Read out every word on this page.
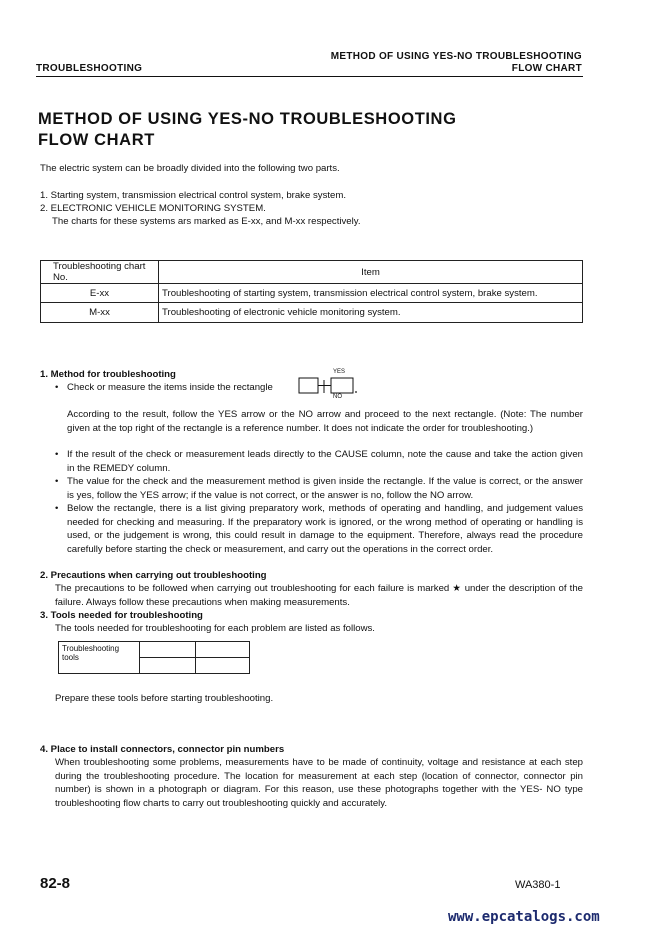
TROUBLESHOOTING
METHOD OF USING YES-NO TROUBLESHOOTING
FLOW CHART
METHOD OF USING YES-NO TROUBLESHOOTING
FLOW CHART
The electric system can be broadly divided into the following two parts.
1. Starting system, transmission electrical control system, brake system.
2. ELECTRONIC VEHICLE MONITORING SYSTEM.
The charts for these systems ars marked as E-xx, and M-xx respectively.
Troubleshooting chart No.	Item
E-xx	Troubleshooting of starting system, transmission electrical control system, brake system.
M-xx	Troubleshooting of electronic vehicle monitoring system.
1. Method for troubleshooting
• Check or measure the items inside the rectangle
YES
NO
According to the result, follow the YES arrow or the NO arrow and proceed to the next rectangle. (Note: The number given at the top right of the rectangle is a reference number. It does not indicate the order for troubleshooting.)
• If the result of the check or measurement leads directly to the CAUSE column, note the cause and take the action given in the REMEDY column.
• The value for the check and the measurement method is given inside the rectangle. If the value is correct, or the answer is yes, follow the YES arrow; if the value is not correct, or the answer is no, follow the NO arrow.
• Below the rectangle, there is a list giving preparatory work, methods of operating and handling, and judgement values needed for checking and measuring. If the preparatory work is ignored, or the wrong method of operating or handling is used, or the judgement is wrong, this could result in damage to the equipment. Therefore, always read the procedure carefully before starting the check or measurement, and carry out the operations in the correct order.
2. Precautions when carrying out troubleshooting
The precautions to be followed when carrying out troubleshooting for each failure is marked ★ under the description of the failure. Always follow these precautions when making measurements.
3. Tools needed for troubleshooting
The tools needed for troubleshooting for each problem are listed as follows.
Troubleshooting tools		

Prepare these tools before starting troubleshooting.
4. Place to install connectors, connector pin numbers
When troubleshooting some problems, measurements have to be made of continuity, voltage and resistance at each step during the troubleshooting procedure. The location for measurement at each step (location of connector, connector pin number) is shown in a photograph or diagram. For this reason, use these photographs together with the YES- NO type troubleshooting flow charts to carry out troubleshooting quickly and accurately.
82-8	WA380-1
www.epcatalogs.com
